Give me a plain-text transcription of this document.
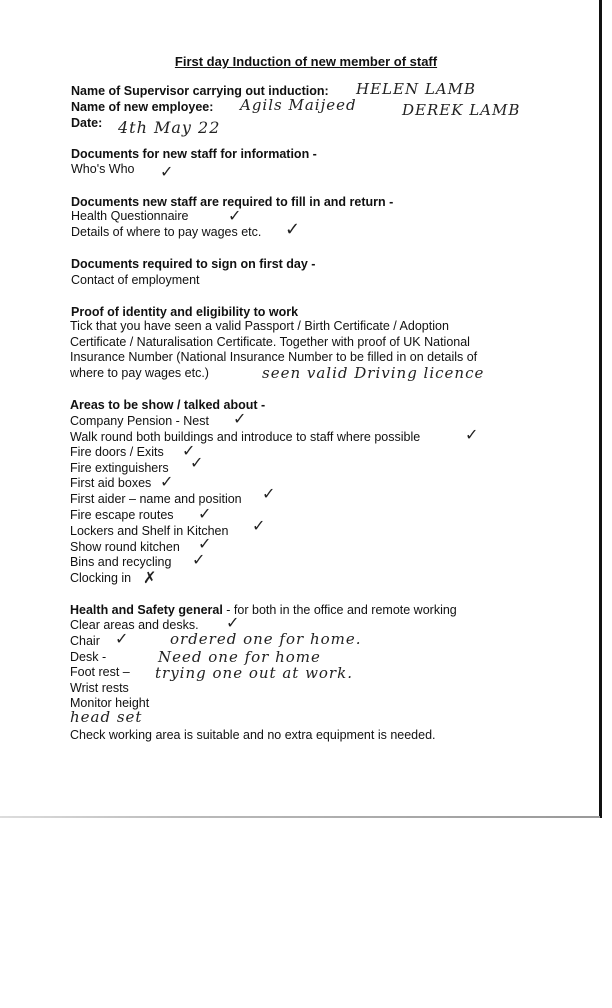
First day Induction of new member of staff
Name of Supervisor carrying out induction: HELEN LAMB
Name of new employee: Agils Maijeed	DEREK LAMB
Date: 4th May 22
Documents for new staff for information -
Who's Who ✓
Documents new staff are required to fill in and return -
Health Questionnaire ✓
Details of where to pay wages etc. ✓
Documents required to sign on first day -
Contact of employment
Proof of identity and eligibility to work
Tick that you have seen a valid Passport / Birth Certificate / Adoption
Certificate / Naturalisation Certificate. Together with proof of UK National
Insurance Number (National Insurance Number to be filled in on details of
where to pay wages etc.)	seen valid Driving licence
Areas to be show / talked about -
Company Pension - Nest ✓
Walk round both buildings and introduce to staff where possible	✓
Fire doors / Exits ✓
Fire extinguishers ✓
First aid boxes ✓
First aider – name and position ✓
Fire escape routes ✓
Lockers and Shelf in Kitchen ✓
Show round kitchen ✓
Bins and recycling ✓
Clocking in ✗
Health and Safety general - for both in the office and remote working
Clear areas and desks. ✓
Chair ✓	ordered one for home.
Desk -	Need one for home
Foot rest – trying one out at work.
Wrist rests
Monitor height
head set
Check working area is suitable and no extra equipment is needed.
